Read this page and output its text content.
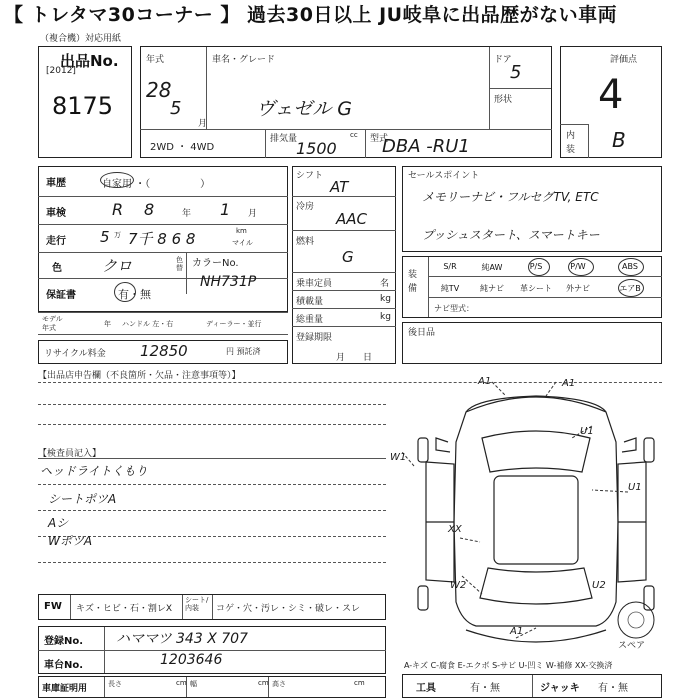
【 トレタマ30コーナー 】 過去30日以上 JU岐阜に出品歴がない車両
（複合機）対応用紙
出品No.
[2012]
8175
年式
28
5
月
車名・グレード
ヴェゼル G
ドア
5
形状
2WD ・ 4WD
排気量	cc
1500	型式
DBA -RU1
評価点
4
内
装 B
車歴	自家用 ・（　　　　　）
車検	R 8	年 1 月
走行 5 万 7千 8 6 8	km
マイル
色	クロ	色替 カラーNo.
NH731P
保証書	有・無
モデル
年式	年 ハンドル 左・右	ディーラー・並行
リサイクル料金 12850	円 預託済
シフト
AT
冷房
AAC
燃料
G
乗車定員	名
積載量	kg
総重量	kg
登録期限
月　　日
セールスポイント
メモリーナビ・フルセグTV, ETC
プッシュスタート、スマートキー
装備
S/R	純AW	P/S	P/W	ABS
純TV	純ナビ	革シート	外ナビ	エアB
ナビ型式：
後日品
【出品店申告欄（不良箇所・欠品・注意事項等）】
【検査員記入】
ヘッドライトくもり
シートポツA
Aシ
WポツA
FW キズ・ヒビ・石・割レX
シート/内装	コゲ・穴・汚レ・シミ・破レ・スレ
登録No. ハママツ 343 X 707
車台No.	1203646
車庫証明用	長さ	cm 幅	cm 高さ	cm
A-キズ C-腐食 E-エクボ S-サビ U-凹ミ W-補修 XX-交換済
工具	有・無	ジャッキ 有・無
A1	A1
U1
U1
W1
XX
W2
A1
U2
スペア
